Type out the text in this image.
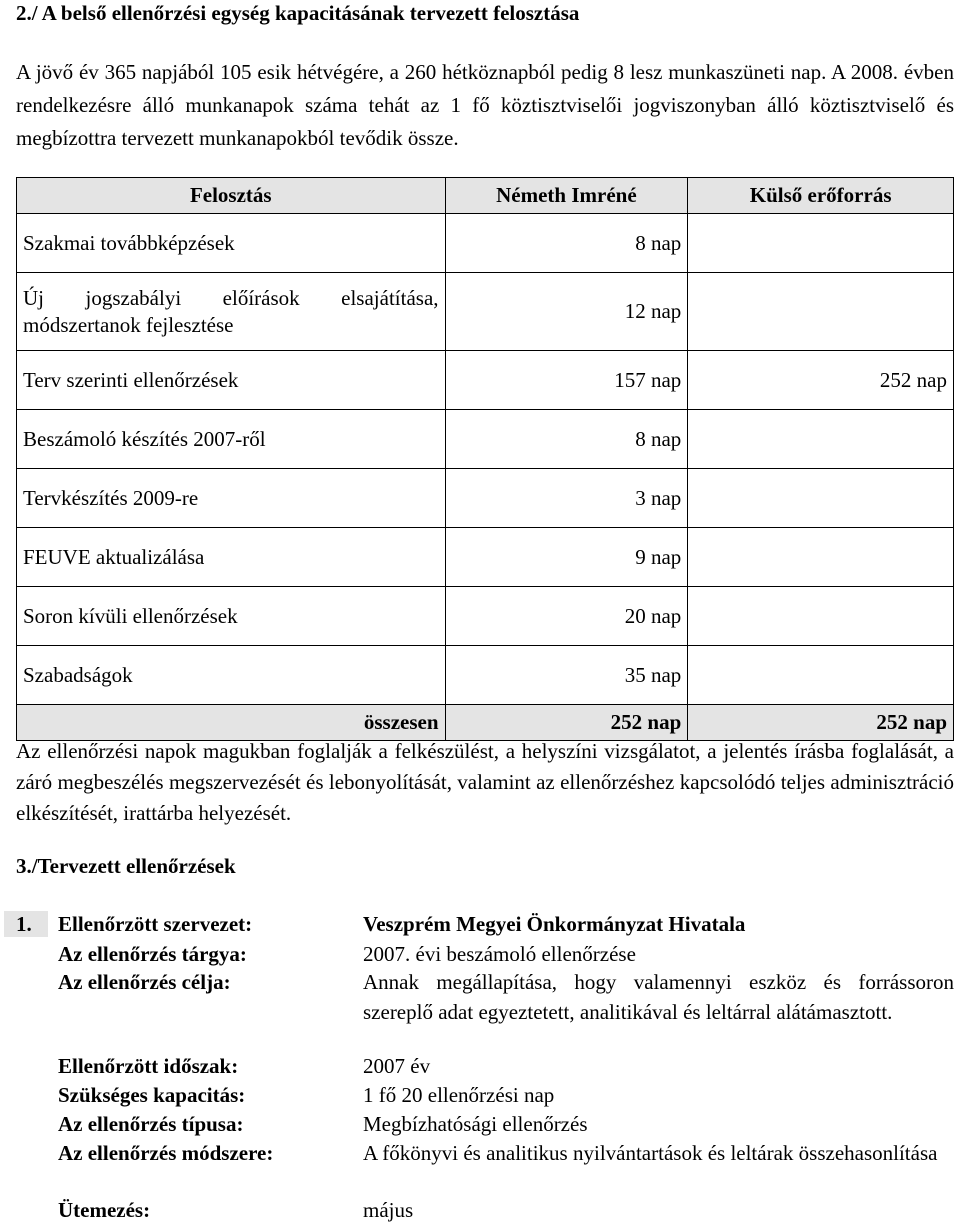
2./ A belső ellenőrzési egység kapacitásának tervezett felosztása
A jövő év 365 napjából 105 esik hétvégére, a 260 hétköznapból pedig 8 lesz munkaszüneti nap. A 2008. évben rendelkezésre álló munkanapok száma tehát az 1 fő köztisztviselői jogviszonyban álló köztisztviselő és megbízottra tervezett munkanapokból tevődik össze.
Felosztás	Németh Imréné	Külső erőforrás
Szakmai továbbképzések	8 nap	
Új jogszabályi előírások elsajátítása, módszertanok fejlesztése	12 nap	
Terv szerinti ellenőrzések	157 nap	252 nap
Beszámoló készítés 2007-ről	8 nap	
Tervkészítés 2009-re	3 nap	
FEUVE aktualizálása	9 nap	
Soron kívüli ellenőrzések	20 nap	
Szabadságok	35 nap	
összesen	252 nap	252 nap
Az ellenőrzési napok magukban foglalják a felkészülést, a helyszíni vizsgálatot, a jelentés írásba foglalását, a záró megbeszélés megszervezését és lebonyolítását, valamint az ellenőrzéshez kapcsolódó teljes adminisztráció elkészítését, irattárba helyezését.
3./Tervezett ellenőrzések
1.	Ellenőrzött szervezet:	Veszprém Megyei Önkormányzat Hivatala
Az ellenőrzés tárgya:	2007. évi beszámoló ellenőrzése
Az ellenőrzés célja:	Annak megállapítása, hogy valamennyi eszköz és forrássoron szereplő adat egyeztetett, analitikával és leltárral alátámasztott.
Ellenőrzött időszak:	2007 év
Szükséges kapacitás:	1 fő 20 ellenőrzési nap
Az ellenőrzés típusa:	Megbízhatósági ellenőrzés
Az ellenőrzés módszere:	A főkönyvi és analitikus nyilvántartások és leltárak összehasonlítása
Ütemezés:	május
